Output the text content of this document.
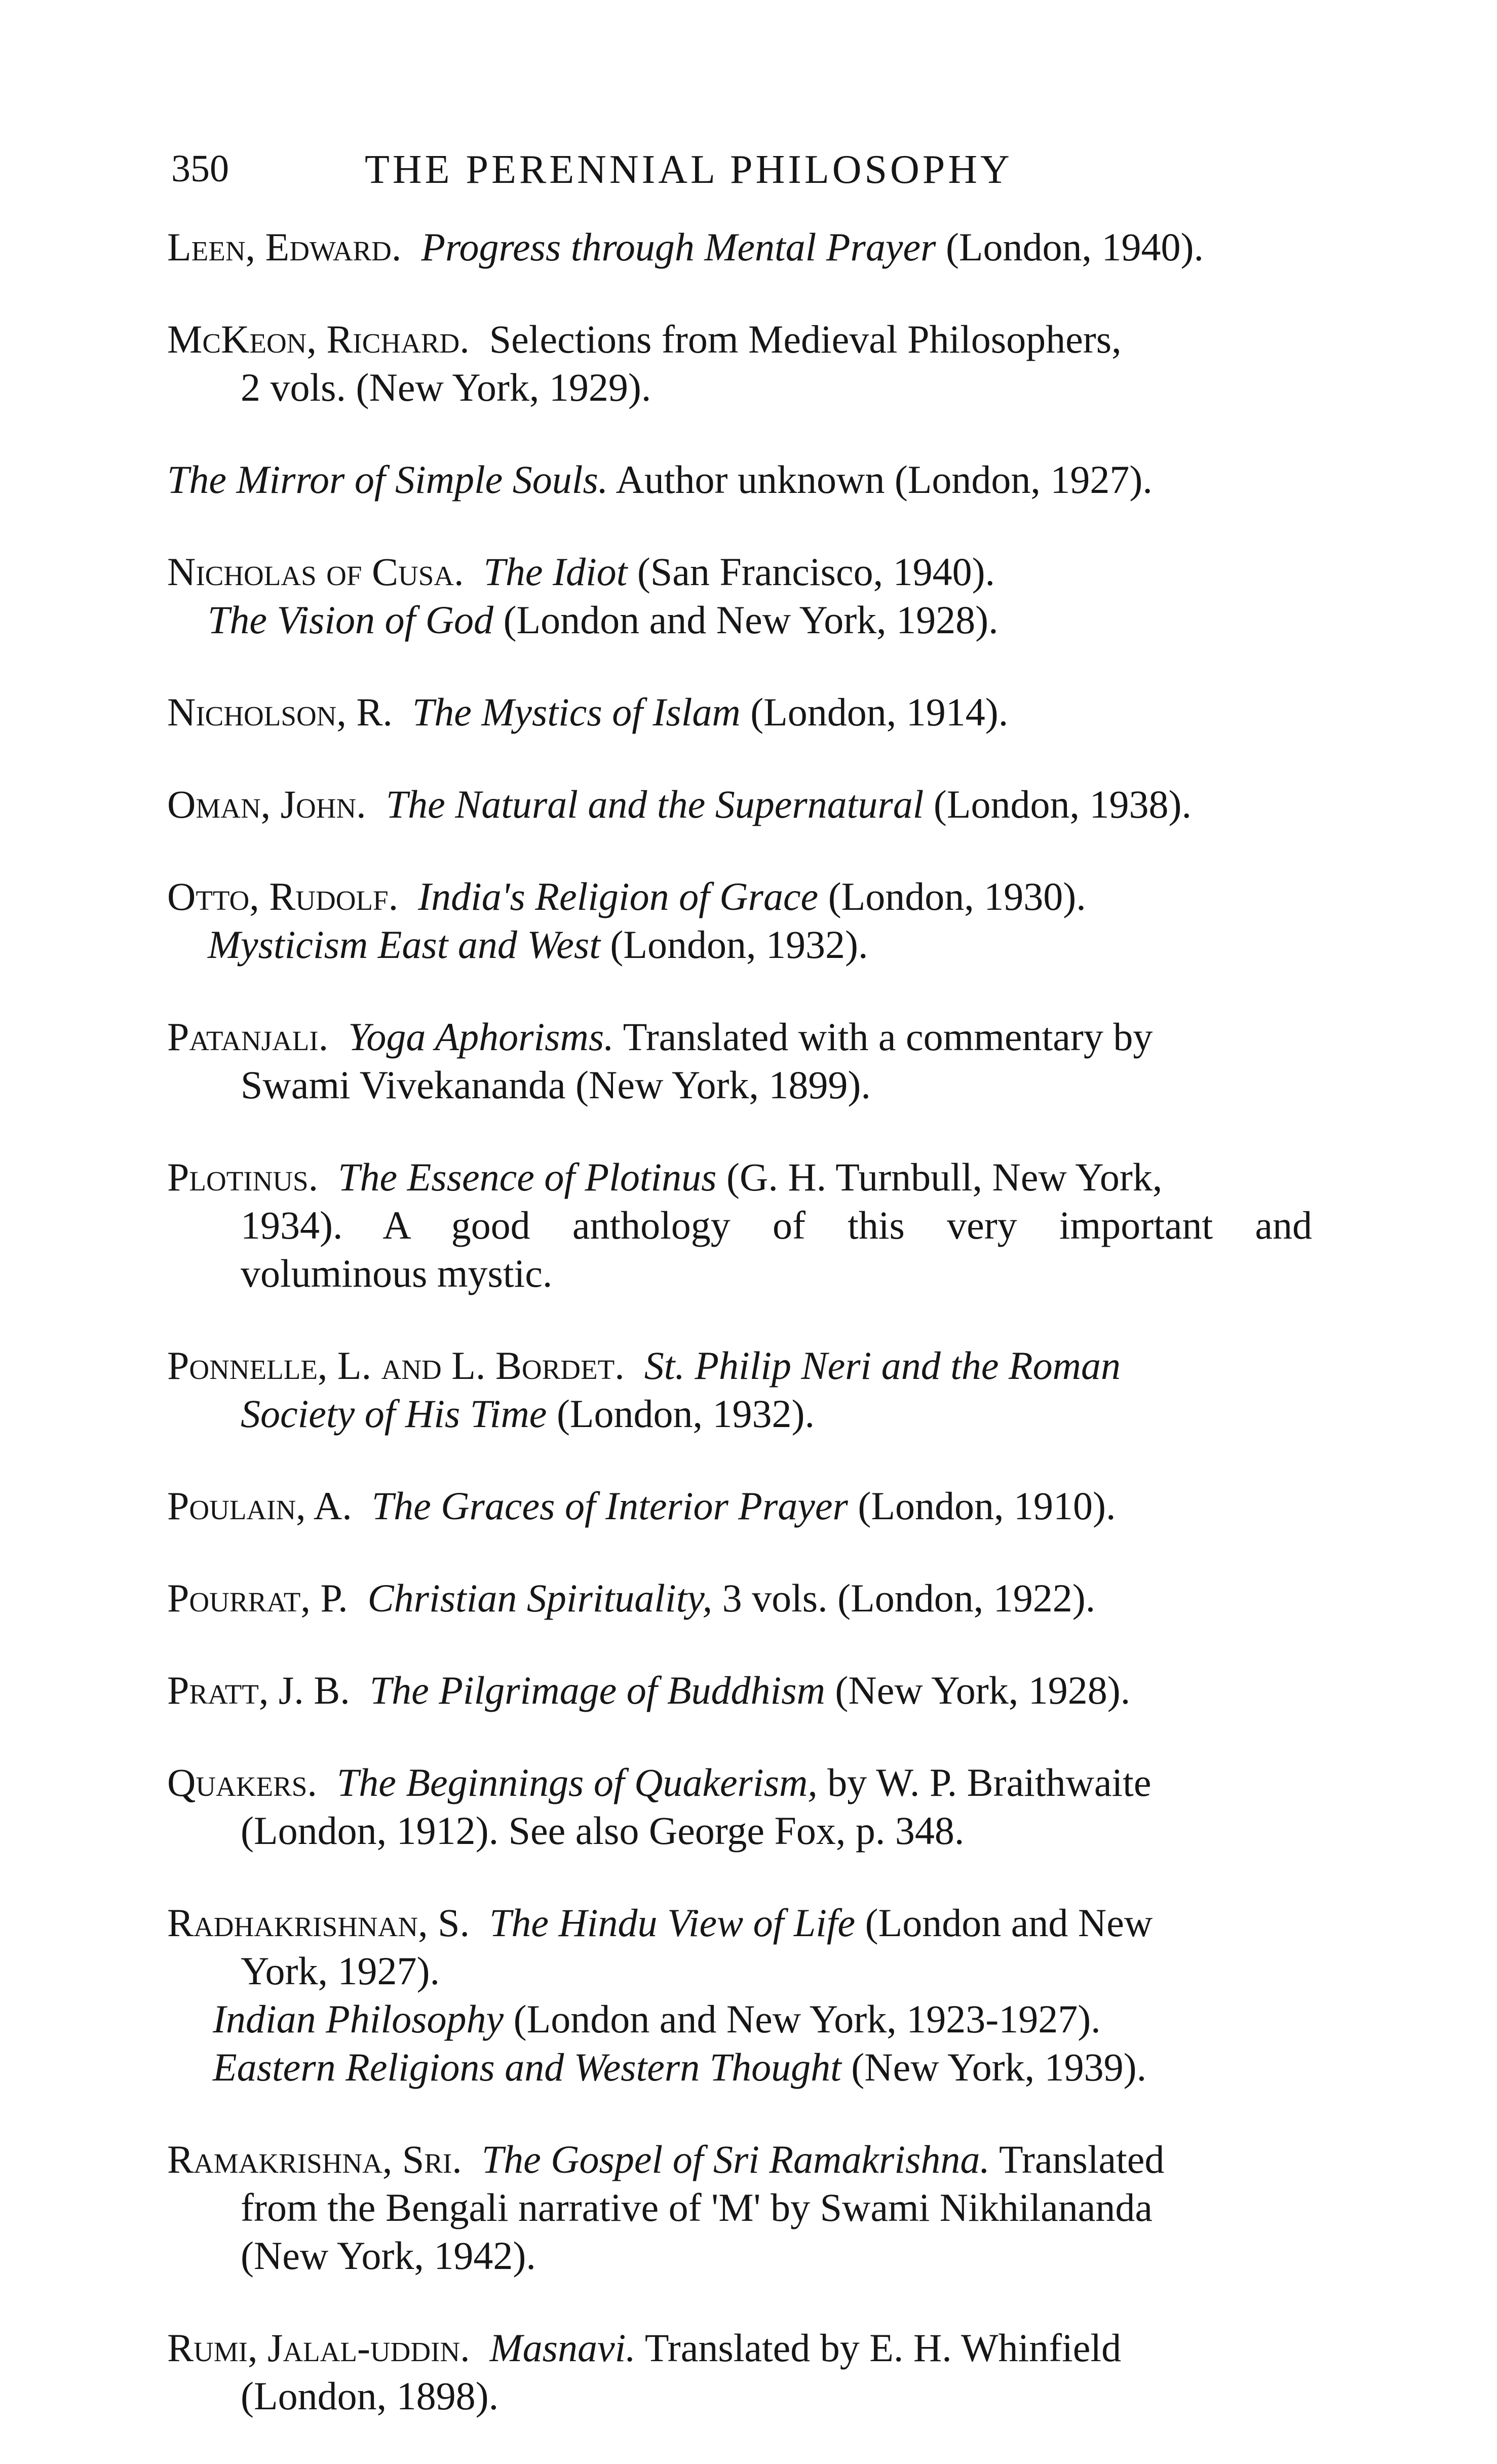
350	THE PERENNIAL PHILOSOPHY
Leen, Edward. Progress through Mental Prayer (London, 1940).
McKeon, Richard. Selections from Medieval Philosophers,
2 vols. (New York, 1929).
The Mirror of Simple Souls. Author unknown (London, 1927).
Nicholas of Cusa. The Idiot (San Francisco, 1940).
The Vision of God (London and New York, 1928).
Nicholson, R. The Mystics of Islam (London, 1914).
Oman, John. The Natural and the Supernatural (London, 1938).
Otto, Rudolf. India's Religion of Grace (London, 1930).
Mysticism East and West (London, 1932).
Patanjali. Yoga Aphorisms. Translated with a commentary by
Swami Vivekananda (New York, 1899).
Plotinus. The Essence of Plotinus (G. H. Turnbull, New York,
1934). A good anthology of this very important and
voluminous mystic.
Ponnelle, L. and L. Bordet. St. Philip Neri and the Roman
Society of His Time (London, 1932).
Poulain, A. The Graces of Interior Prayer (London, 1910).
Pourrat, P. Christian Spirituality, 3 vols. (London, 1922).
Pratt, J. B. The Pilgrimage of Buddhism (New York, 1928).
Quakers. The Beginnings of Quakerism, by W. P. Braithwaite
(London, 1912). See also George Fox, p. 348.
Radhakrishnan, S. The Hindu View of Life (London and New
York, 1927).
Indian Philosophy (London and New York, 1923-1927).
Eastern Religions and Western Thought (New York, 1939).
Ramakrishna, Sri. The Gospel of Sri Ramakrishna. Translated
from the Bengali narrative of 'M' by Swami Nikhilananda
(New York, 1942).
Rumi, Jalal-uddin. Masnavi. Translated by E. H. Whinfield
(London, 1898).
